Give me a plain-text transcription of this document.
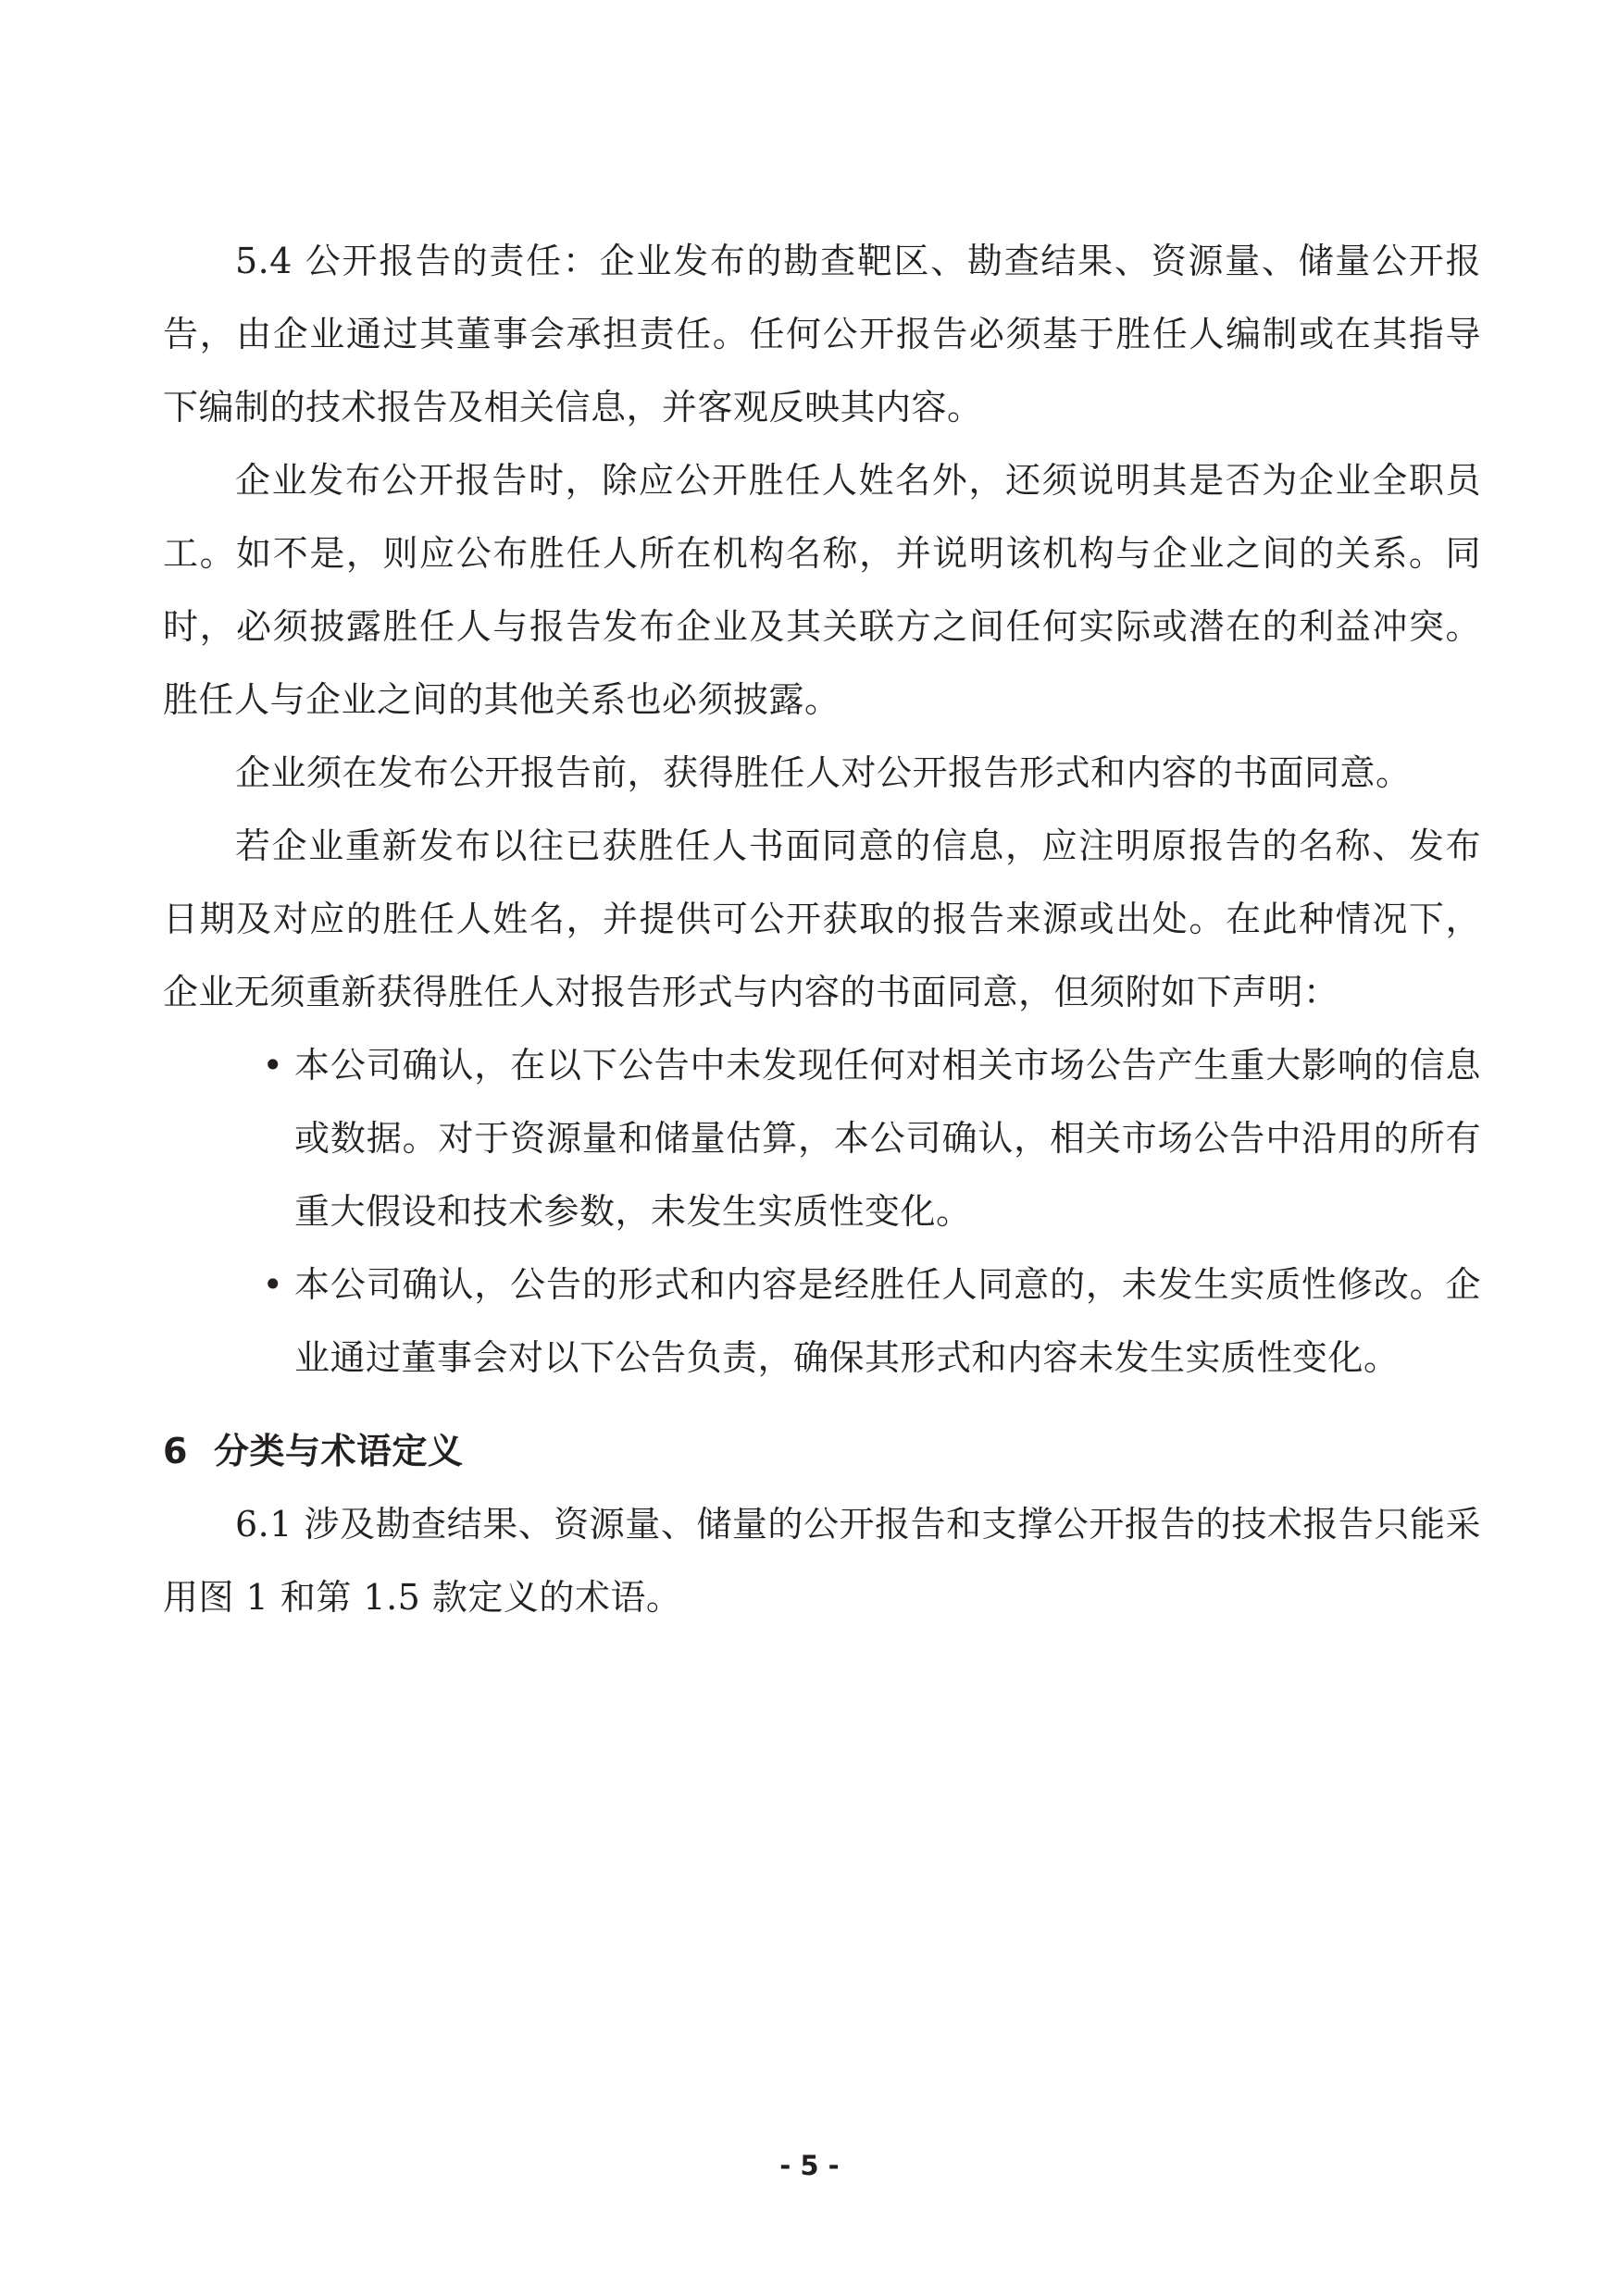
5.4 公开报告的责任：企业发布的勘查靶区、勘查结果、资源量、储量公开报告，由企业通过其董事会承担责任。任何公开报告必须基于胜任人编制或在其指导下编制的技术报告及相关信息，并客观反映其内容。

企业发布公开报告时，除应公开胜任人姓名外，还须说明其是否为企业全职员工。如不是，则应公布胜任人所在机构名称，并说明该机构与企业之间的关系。同时，必须披露胜任人与报告发布企业及其关联方之间任何实际或潜在的利益冲突。胜任人与企业之间的其他关系也必须披露。

企业须在发布公开报告前，获得胜任人对公开报告形式和内容的书面同意。

若企业重新发布以往已获胜任人书面同意的信息，应注明原报告的名称、发布日期及对应的胜任人姓名，并提供可公开获取的报告来源或出处。在此种情况下，企业无须重新获得胜任人对报告形式与内容的书面同意，但须附如下声明：

• 本公司确认，在以下公告中未发现任何对相关市场公告产生重大影响的信息或数据。对于资源量和储量估算，本公司确认，相关市场公告中沿用的所有重大假设和技术参数，未发生实质性变化。
• 本公司确认，公告的形式和内容是经胜任人同意的，未发生实质性修改。企业通过董事会对以下公告负责，确保其形式和内容未发生实质性变化。
6 分类与术语定义

6.1 涉及勘查结果、资源量、储量的公开报告和支撑公开报告的技术报告只能采用图 1 和第 1.5 款定义的术语。

- 5 -
